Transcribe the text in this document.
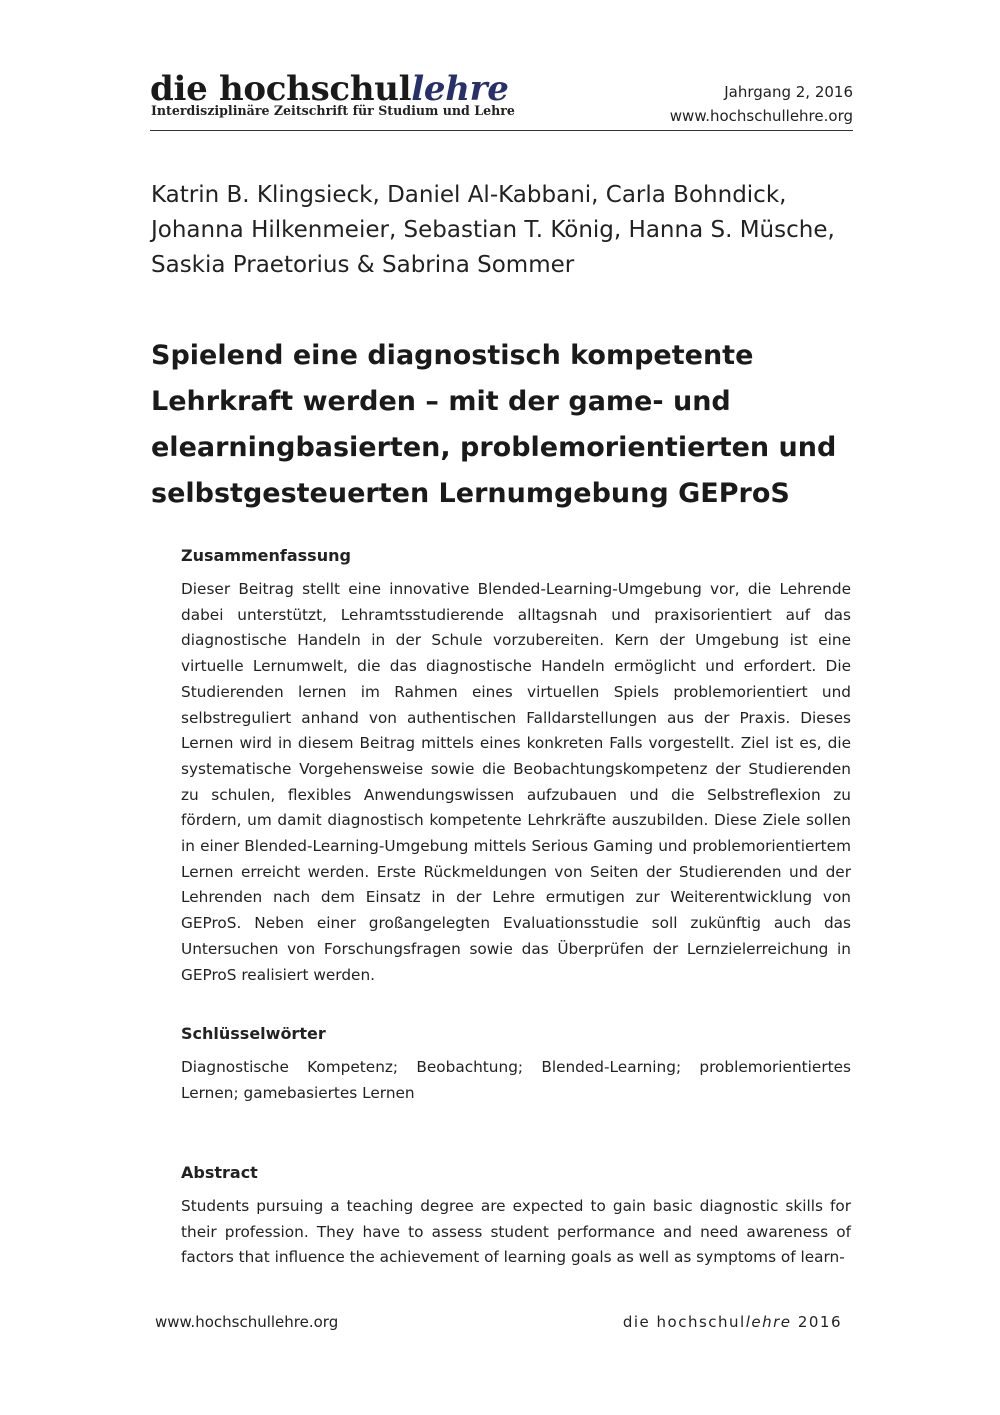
die hochschullehre
Interdisziplinäre Zeitschrift für Studium und Lehre
Jahrgang 2, 2016
www.hochschullehre.org
Katrin B. Klingsieck, Daniel Al-Kabbani, Carla Bohndick, Johanna Hilkenmeier, Sebastian T. König, Hanna S. Müsche, Saskia Praetorius & Sabrina Sommer
Spielend eine diagnostisch kompetente Lehrkraft werden – mit der game- und elearningbasierten, problemorientierten und selbstgesteuerten Lernumgebung GEProS
Zusammenfassung

Dieser Beitrag stellt eine innovative Blended-Learning-Umgebung vor, die Lehrende dabei unterstützt, Lehramtsstudierende alltagsnah und praxisorientiert auf das diagnostische Handeln in der Schule vorzubereiten. Kern der Umgebung ist eine virtuelle Lernumwelt, die das diagnostische Handeln ermöglicht und erfordert. Die Studierenden lernen im Rahmen eines virtuellen Spiels problemorientiert und selbstreguliert anhand von authentischen Falldarstellungen aus der Praxis. Dieses Lernen wird in diesem Beitrag mittels eines konkreten Falls vorgestellt. Ziel ist es, die systematische Vorgehensweise sowie die Beobachtungskompetenz der Studierenden zu schulen, flexibles Anwendungswissen aufzubauen und die Selbstreflexion zu fördern, um damit diagnostisch kompetente Lehrkräfte auszubilden. Diese Ziele sollen in einer Blended-Learning-Umgebung mittels Serious Gaming und problemorientiertem Lernen erreicht werden. Erste Rückmeldungen von Seiten der Studierenden und der Lehrenden nach dem Einsatz in der Lehre ermutigen zur Weiterentwicklung von GEProS. Neben einer großangelegten Evaluationsstudie soll zukünftig auch das Untersuchen von Forschungsfragen sowie das Überprüfen der Lernzielerreichung in GEProS realisiert werden.

Schlüsselwörter

Diagnostische Kompetenz; Beobachtung; Blended-Learning; problemorientiertes Lernen; gamebasiertes Lernen

Abstract

Students pursuing a teaching degree are expected to gain basic diagnostic skills for their profession. They have to assess student performance and need awareness of factors that influence the achievement of learning goals as well as symptoms of learn-

www.hochschullehre.org	die hochschullehre 2016
